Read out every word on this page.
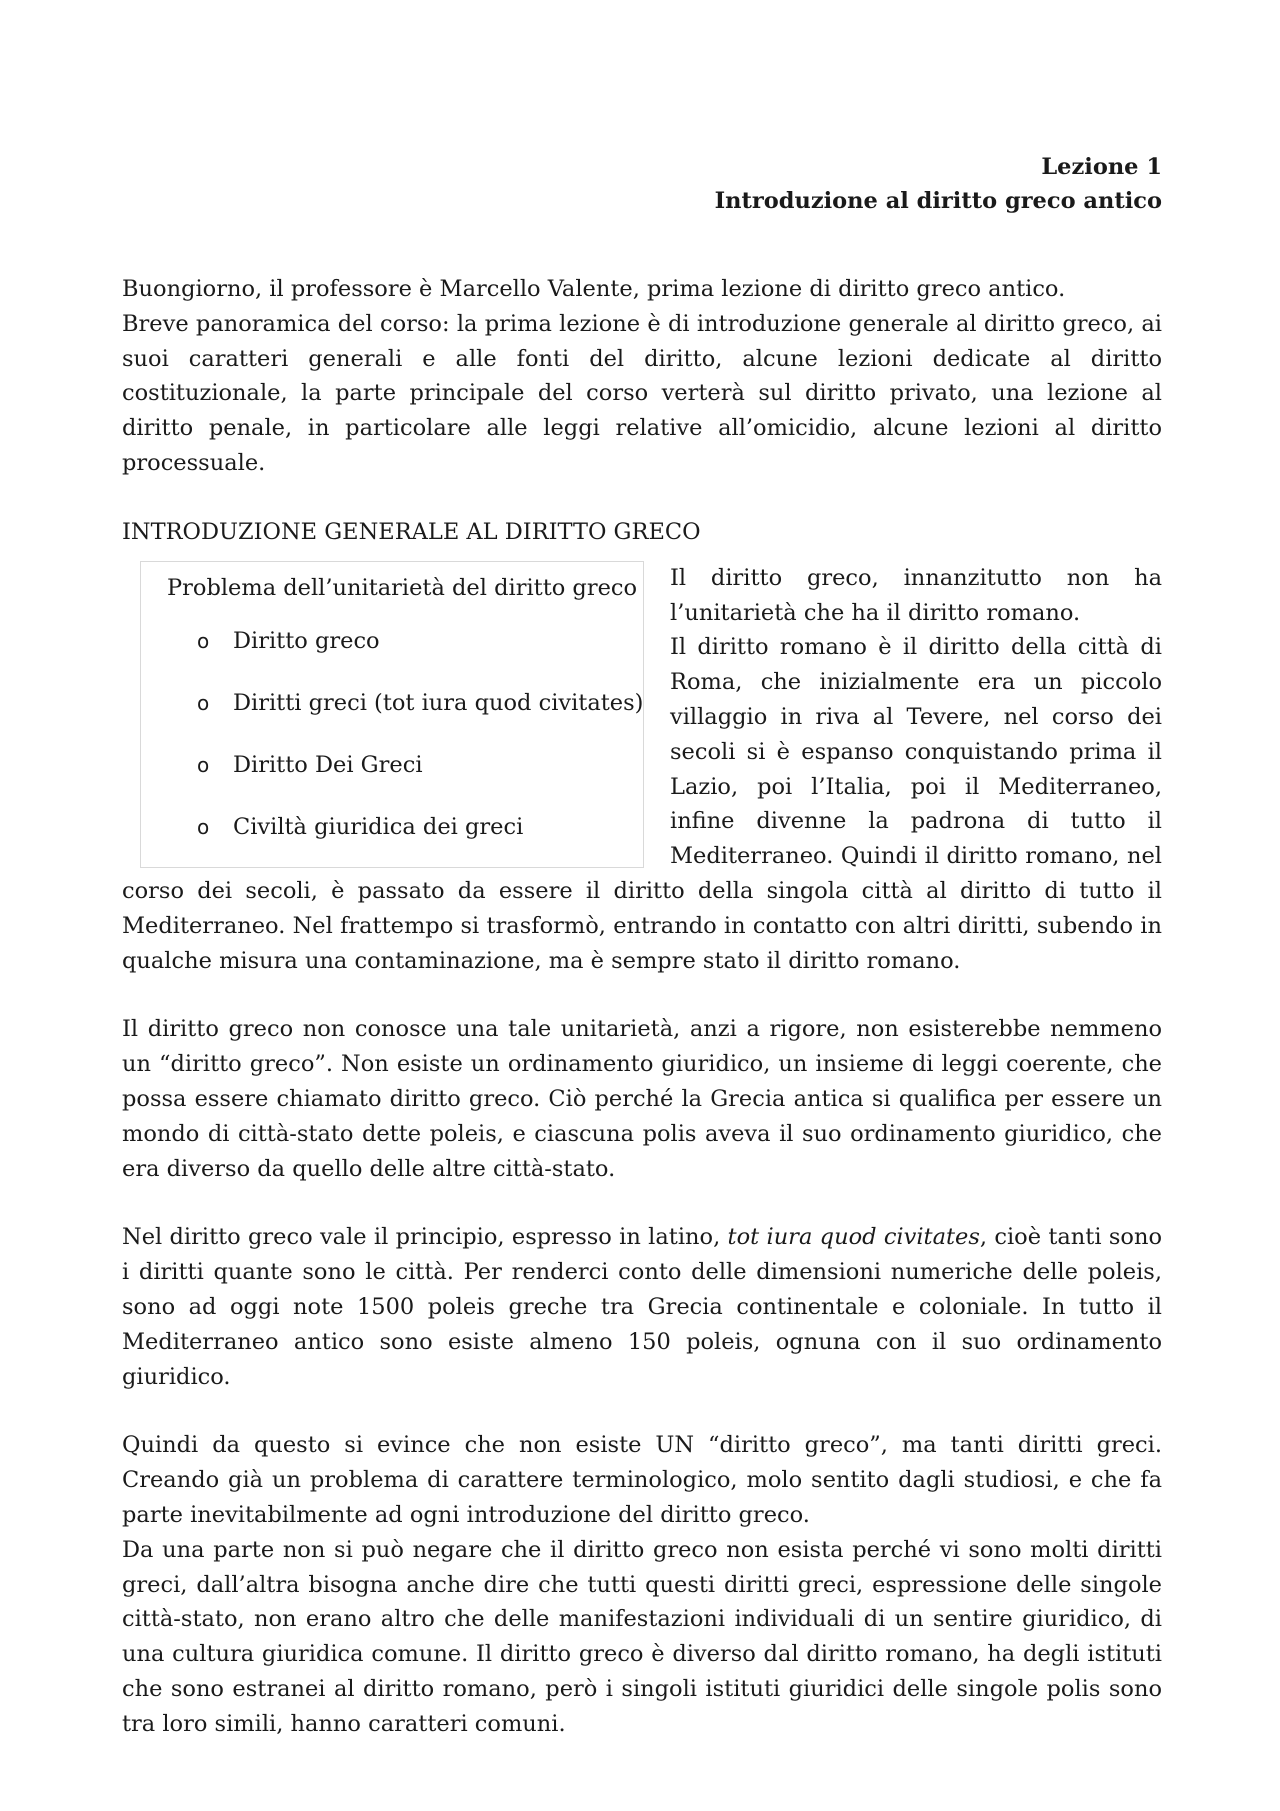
Lezione 1
Introduzione al diritto greco antico

Buongiorno, il professore è Marcello Valente, prima lezione di diritto greco antico.

Breve panoramica del corso: la prima lezione è di introduzione generale al diritto greco, ai suoi caratteri generali e alle fonti del diritto, alcune lezioni dedicate al diritto costituzionale, la parte principale del corso verterà sul diritto privato, una lezione al diritto penale, in particolare alle leggi relative all’omicidio, alcune lezioni al diritto processuale.

INTRODUZIONE GENERALE AL DIRITTO GRECO

Problema dell’unitarietà del diritto greco

o Diritto greco
o Diritti greci (tot iura quod civitates)
o Diritto Dei Greci
o Civiltà giuridica dei greci

Il diritto greco, innanzitutto non ha l’unitarietà che ha il diritto romano.

Il diritto romano è il diritto della città di Roma, che inizialmente era un piccolo villaggio in riva al Tevere, nel corso dei secoli si è espanso conquistando prima il Lazio, poi l’Italia, poi il Mediterraneo, infine divenne la padrona di tutto il Mediterraneo. Quindi il diritto romano, nel corso dei secoli, è passato da essere il diritto della singola città al diritto di tutto il Mediterraneo. Nel frattempo si trasformò, entrando in contatto con altri diritti, subendo in qualche misura una contaminazione, ma è sempre stato il diritto romano.

Il diritto greco non conosce una tale unitarietà, anzi a rigore, non esisterebbe nemmeno un “diritto greco”. Non esiste un ordinamento giuridico, un insieme di leggi coerente, che possa essere chiamato diritto greco. Ciò perché la Grecia antica si qualifica per essere un mondo di città-stato dette poleis, e ciascuna polis aveva il suo ordinamento giuridico, che era diverso da quello delle altre città-stato.

Nel diritto greco vale il principio, espresso in latino, tot iura quod civitates, cioè tanti sono i diritti quante sono le città. Per renderci conto delle dimensioni numeriche delle poleis, sono ad oggi note 1500 poleis greche tra Grecia continentale e coloniale. In tutto il Mediterraneo antico sono esiste almeno 150 poleis, ognuna con il suo ordinamento giuridico.

Quindi da questo si evince che non esiste UN “diritto greco”, ma tanti diritti greci. Creando già un problema di carattere terminologico, molo sentito dagli studiosi, e che fa parte inevitabilmente ad ogni introduzione del diritto greco.

Da una parte non si può negare che il diritto greco non esista perché vi sono molti diritti greci, dall’altra bisogna anche dire che tutti questi diritti greci, espressione delle singole città-stato, non erano altro che delle manifestazioni individuali di un sentire giuridico, di una cultura giuridica comune. Il diritto greco è diverso dal diritto romano, ha degli istituti che sono estranei al diritto romano, però i singoli istituti giuridici delle singole polis sono tra loro simili, hanno caratteri comuni.
